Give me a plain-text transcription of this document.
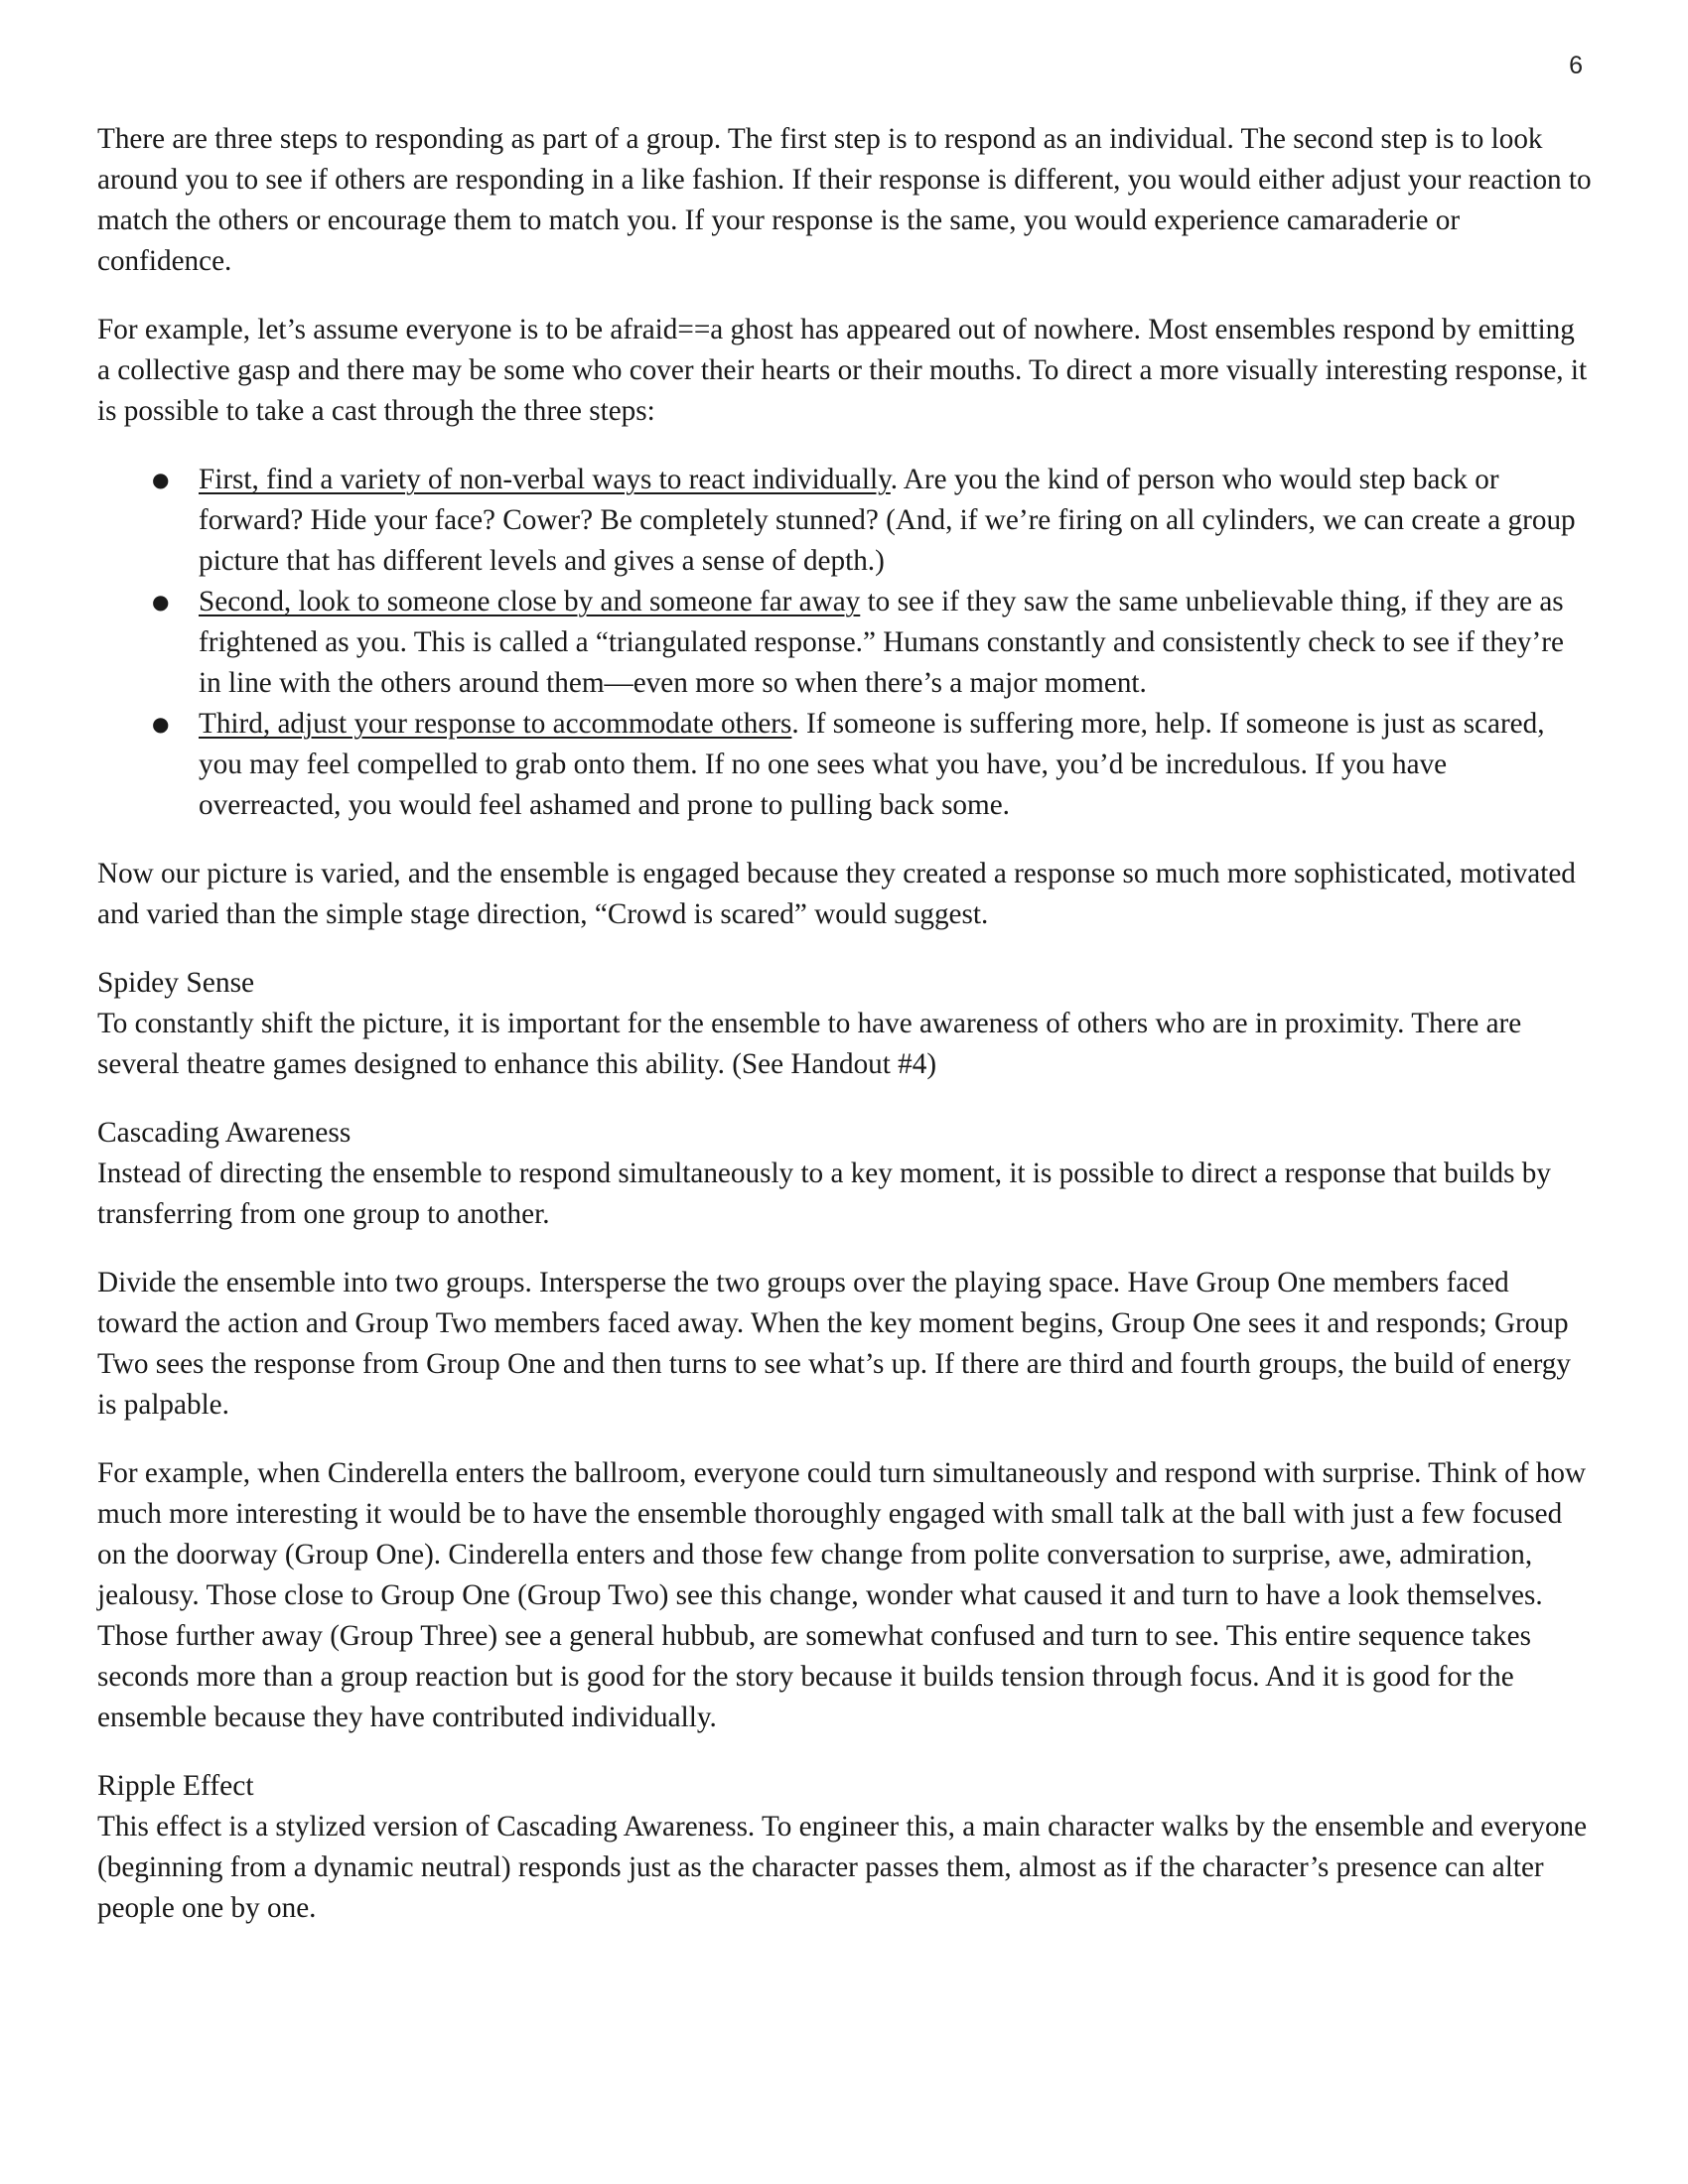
6

There are three steps to responding as part of a group. The first step is to respond as an individual. The second step is to look around you to see if others are responding in a like fashion. If their response is different, you would either adjust your reaction to match the others or encourage them to match you. If your response is the same, you would experience camaraderie or confidence.

For example, let’s assume everyone is to be afraid==a ghost has appeared out of nowhere. Most ensembles respond by emitting a collective gasp and there may be some who cover their hearts or their mouths. To direct a more visually interesting response, it is possible to take a cast through the three steps:

● First, find a variety of non-verbal ways to react individually. Are you the kind of person who would step back or forward? Hide your face? Cower? Be completely stunned? (And, if we’re firing on all cylinders, we can create a group picture that has different levels and gives a sense of depth.)
● Second, look to someone close by and someone far away to see if they saw the same unbelievable thing, if they are as frightened as you. This is called a “triangulated response.” Humans constantly and consistently check to see if they’re in line with the others around them—even more so when there’s a major moment.
● Third, adjust your response to accommodate others. If someone is suffering more, help. If someone is just as scared, you may feel compelled to grab onto them. If no one sees what you have, you’d be incredulous. If you have overreacted, you would feel ashamed and prone to pulling back some.

Now our picture is varied, and the ensemble is engaged because they created a response so much more sophisticated, motivated and varied than the simple stage direction, “Crowd is scared” would suggest.

Spidey Sense

To constantly shift the picture, it is important for the ensemble to have awareness of others who are in proximity. There are several theatre games designed to enhance this ability. (See Handout #4)

Cascading Awareness

Instead of directing the ensemble to respond simultaneously to a key moment, it is possible to direct a response that builds by transferring from one group to another.

Divide the ensemble into two groups. Intersperse the two groups over the playing space. Have Group One members faced toward the action and Group Two members faced away. When the key moment begins, Group One sees it and responds; Group Two sees the response from Group One and then turns to see what’s up. If there are third and fourth groups, the build of energy is palpable.

For example, when Cinderella enters the ballroom, everyone could turn simultaneously and respond with surprise. Think of how much more interesting it would be to have the ensemble thoroughly engaged with small talk at the ball with just a few focused on the doorway (Group One). Cinderella enters and those few change from polite conversation to surprise, awe, admiration, jealousy. Those close to Group One (Group Two) see this change, wonder what caused it and turn to have a look themselves. Those further away (Group Three) see a general hubbub, are somewhat confused and turn to see. This entire sequence takes seconds more than a group reaction but is good for the story because it builds tension through focus. And it is good for the ensemble because they have contributed individually.

Ripple Effect

This effect is a stylized version of Cascading Awareness. To engineer this, a main character walks by the ensemble and everyone (beginning from a dynamic neutral) responds just as the character passes them, almost as if the character’s presence can alter people one by one.
